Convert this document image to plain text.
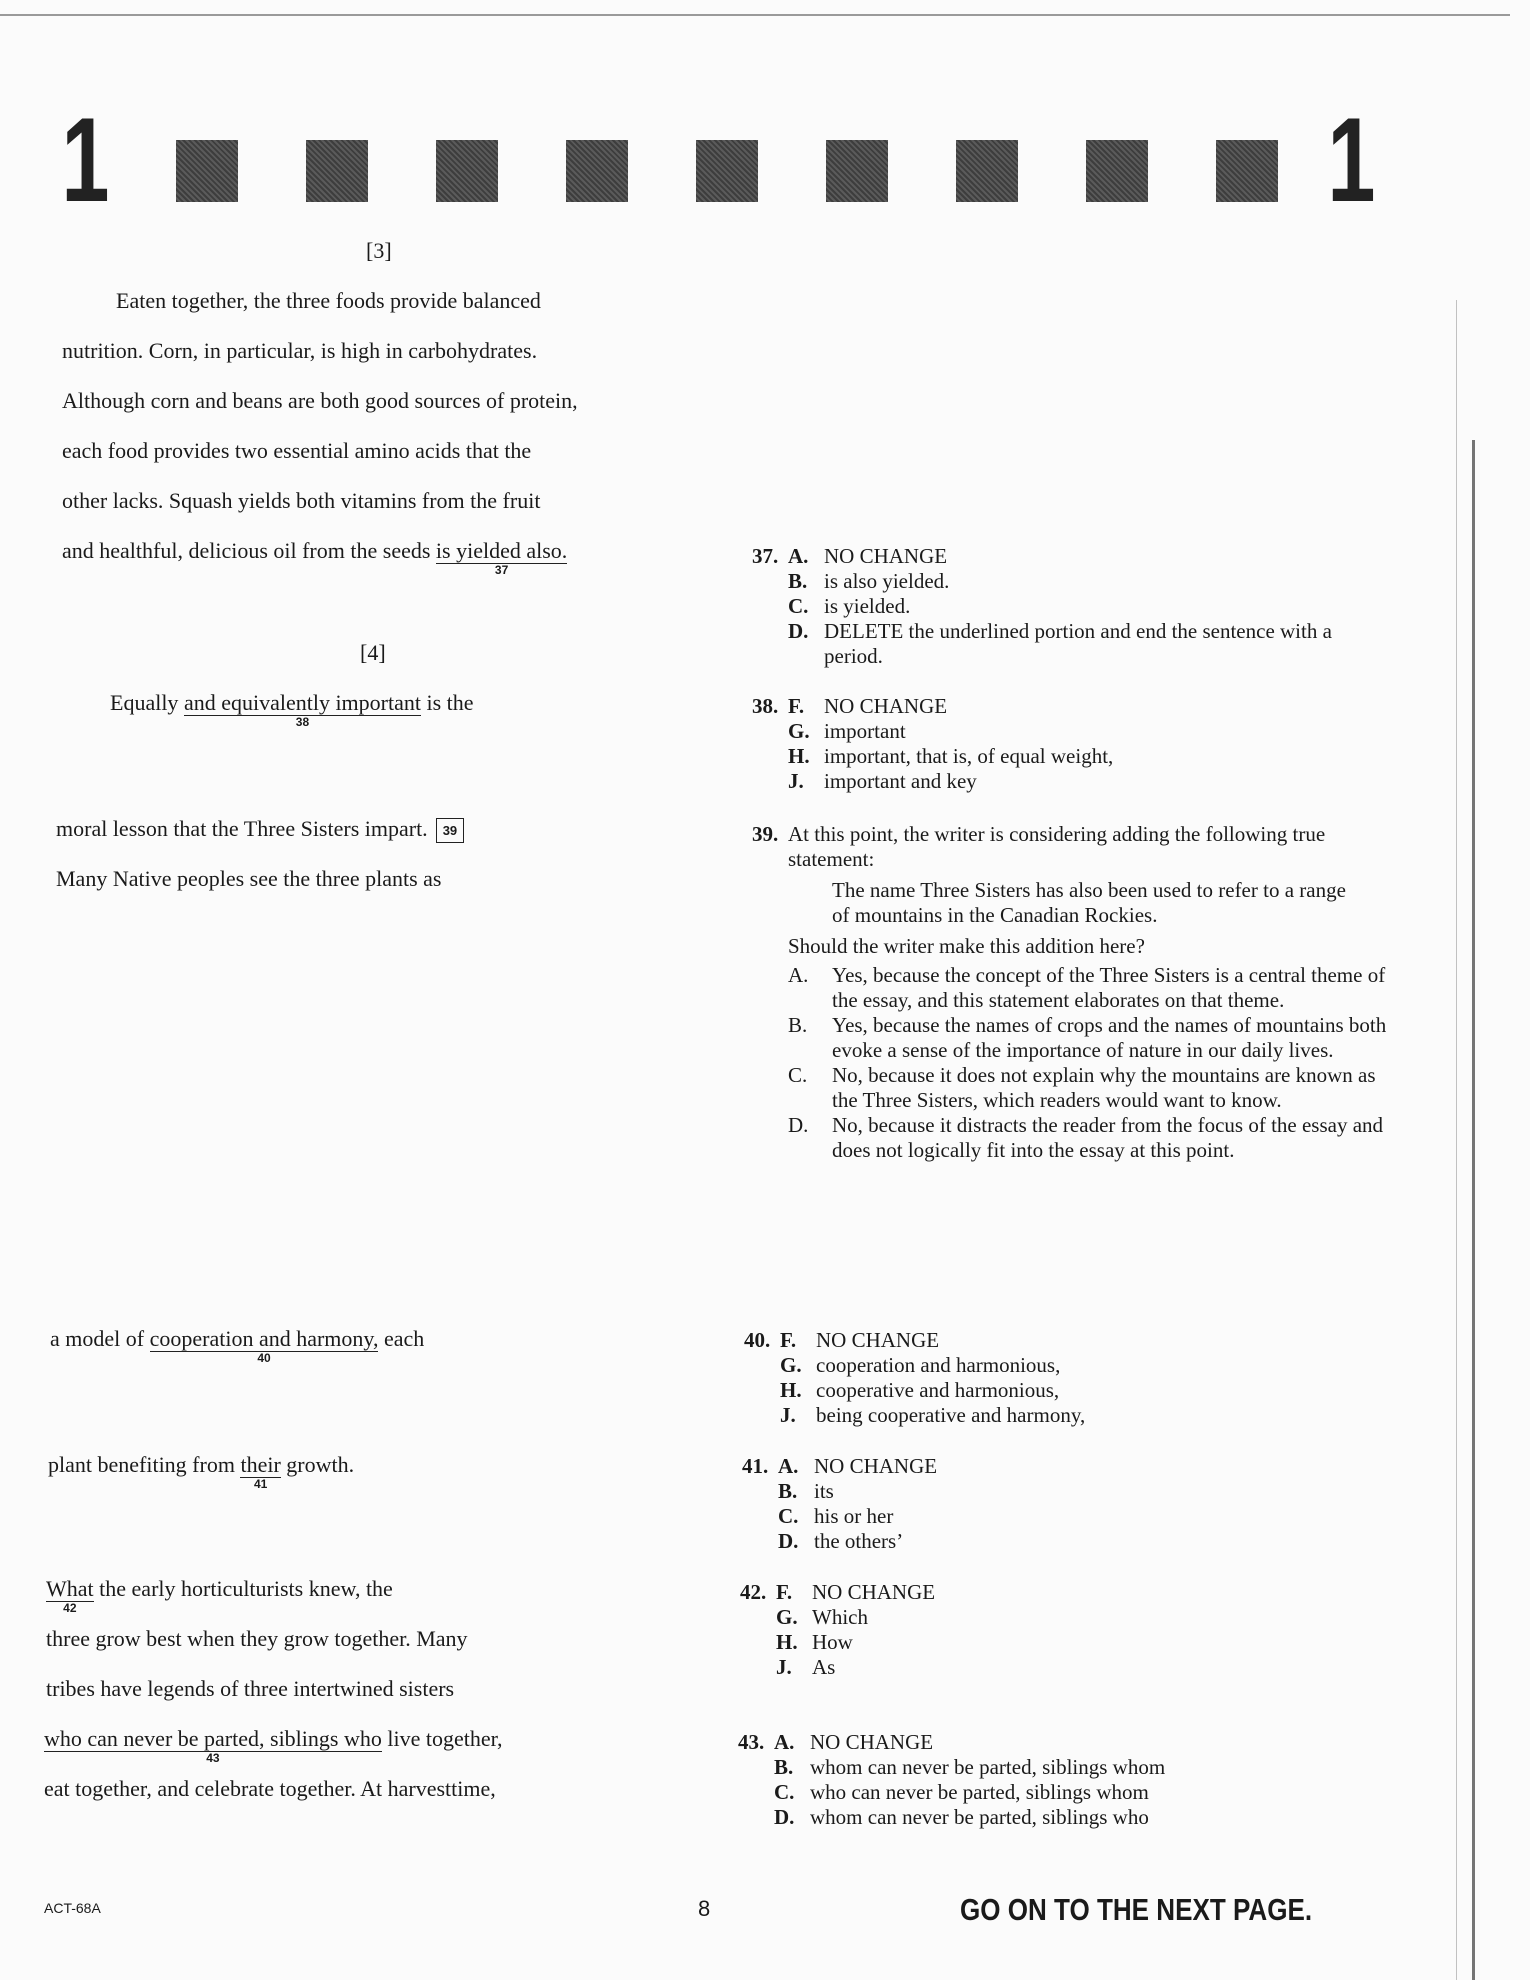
1	1
[3]
Eaten together, the three foods provide balanced
nutrition. Corn, in particular, is high in carbohydrates.
Although corn and beans are both good sources of protein,
each food provides two essential amino acids that the
other lacks. Squash yields both vitamins from the fruit
and healthful, delicious oil from the seeds is yielded also.
37
[4]
Equally and equivalently important
38
is the
moral lesson that the Three Sisters impart. 39
Many Native peoples see the three plants as
a model of cooperation and harmony,
40
each
plant benefiting from their
41
growth.
What
42
the early horticulturists knew, the
three grow best when they grow together. Many
tribes have legends of three intertwined sisters
who can never be parted, siblings who
43
live together,
eat together, and celebrate together. At harvesttime,
37. A. NO CHANGE
B. is also yielded.
C. is yielded.
D. DELETE the underlined portion and end the sentence with a period.
38. F. NO CHANGE
G. important
H. important, that is, of equal weight,
J. important and key
39. At this point, the writer is considering adding the following true statement:
The name Three Sisters has also been used to refer to a range of mountains in the Canadian Rockies.
Should the writer make this addition here?
A.	Yes, because the concept of the Three Sisters is a central theme of the essay, and this statement elaborates on that theme.
B.	Yes, because the names of crops and the names of mountains both evoke a sense of the importance of nature in our daily lives.
C.	No, because it does not explain why the mountains are known as the Three Sisters, which readers would want to know.
D.	No, because it distracts the reader from the focus of the essay and does not logically fit into the essay at this point.
40. F. NO CHANGE
G. cooperation and harmonious,
H. cooperative and harmonious,
J. being cooperative and harmony,
41. A. NO CHANGE
B. its
C. his or her
D. the others’
42. F. NO CHANGE
G. Which
H. How
J. As
43. A. NO CHANGE
B. whom can never be parted, siblings whom
C. who can never be parted, siblings whom
D. whom can never be parted, siblings who
ACT-68A	8	GO ON TO THE NEXT PAGE.
